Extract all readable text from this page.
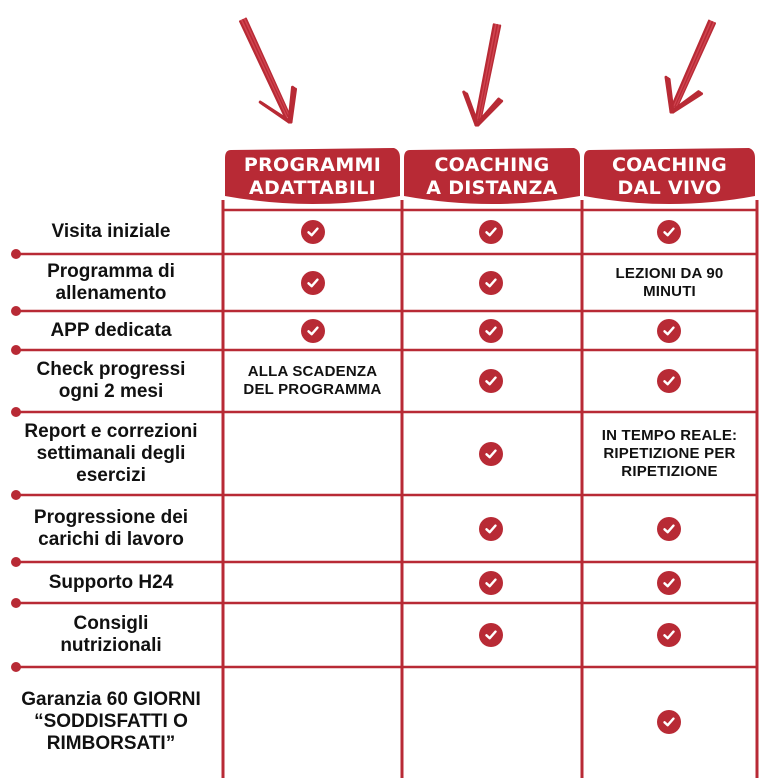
PROGRAMMI
ADATTABILI
COACHING
A DISTANZA
COACHING
DAL VIVO
Visita iniziale
Programma di
allenamento
LEZIONI DA 90
MINUTI
APP dedicata
Check progressi
ogni 2 mesi
ALLA SCADENZA
DEL PROGRAMMA
Report e correzioni
settimanali degli
esercizi
IN TEMPO REALE:
RIPETIZIONE PER
RIPETIZIONE
Progressione dei
carichi di lavoro
Supporto H24
Consigli
nutrizionali
Garanzia 60 GIORNI
“SODDISFATTI O
RIMBORSATI”
